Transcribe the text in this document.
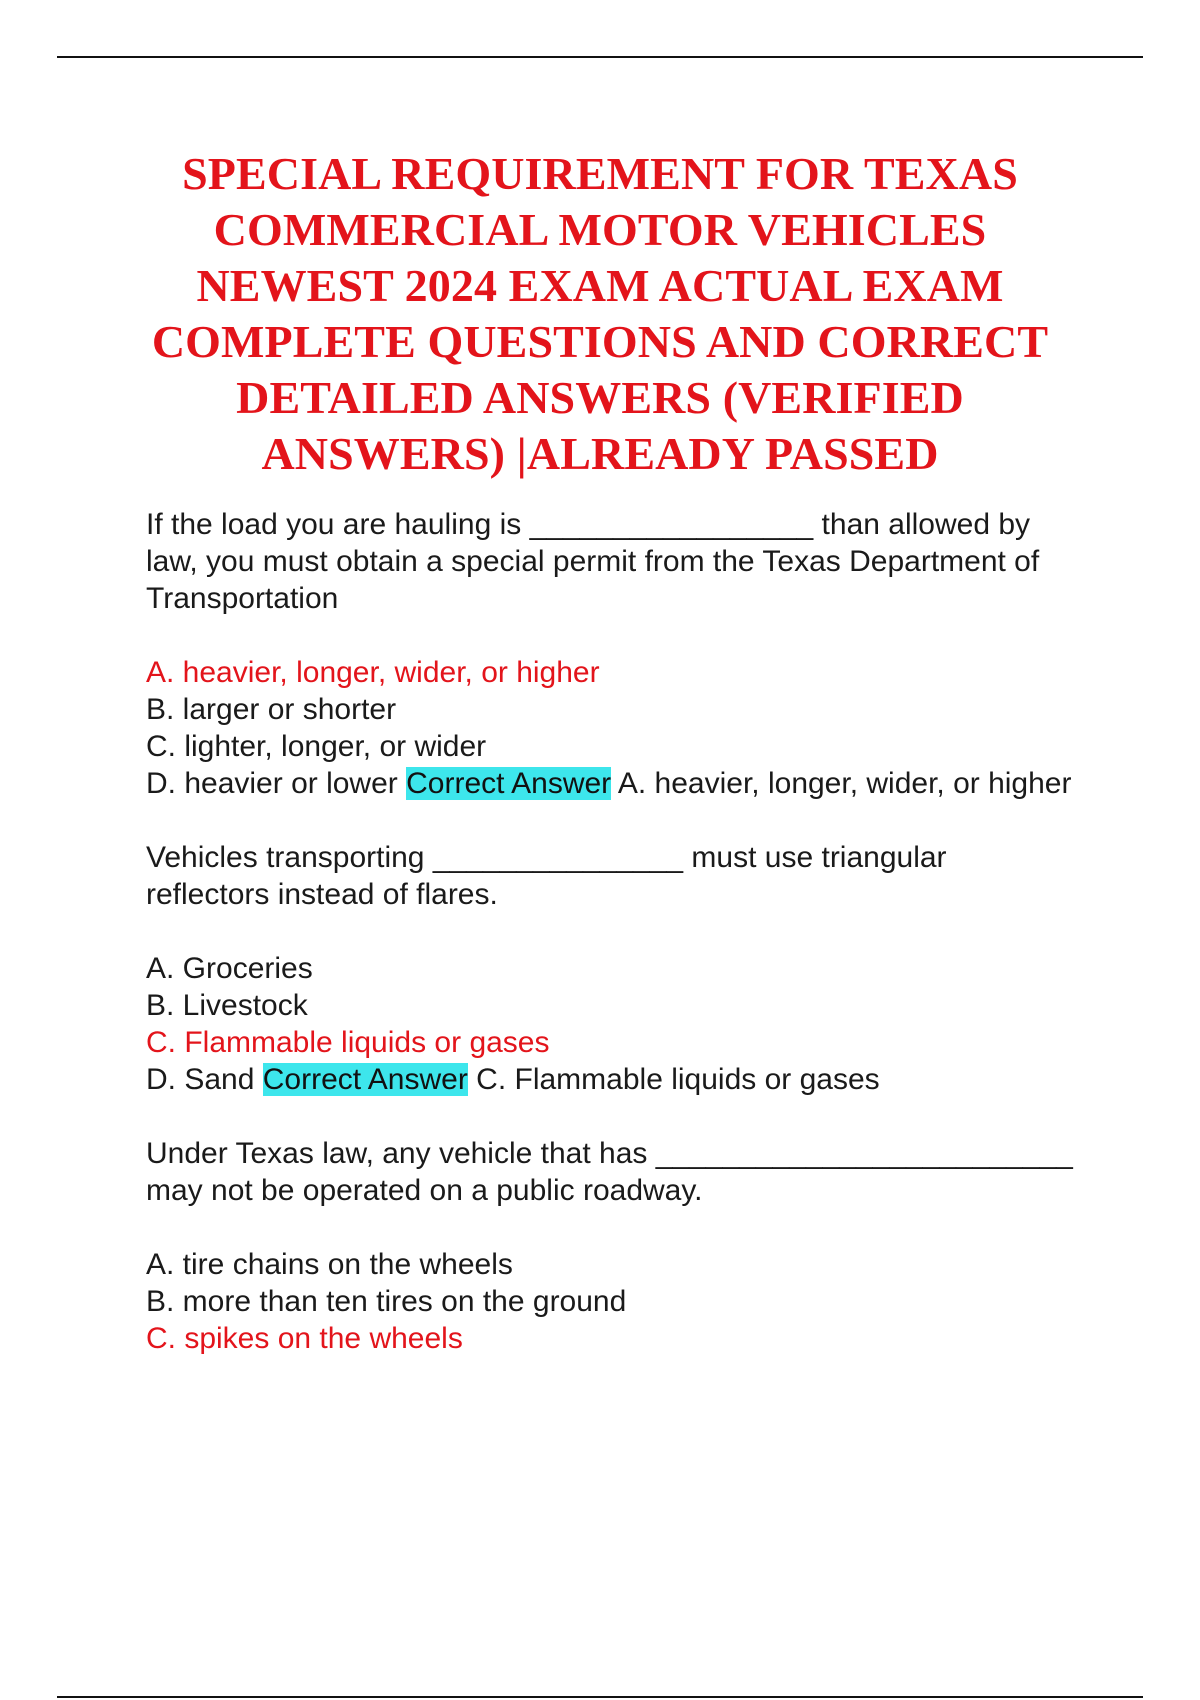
SPECIAL REQUIREMENT FOR TEXAS COMMERCIAL MOTOR VEHICLES NEWEST 2024 EXAM ACTUAL EXAM COMPLETE QUESTIONS AND CORRECT DETAILED ANSWERS (VERIFIED ANSWERS) |ALREADY PASSED

If the load you are hauling is _________________ than allowed by law, you must obtain a special permit from the Texas Department of Transportation

A. heavier, longer, wider, or higher

B. larger or shorter

C. lighter, longer, or wider

D. heavier or lower Correct Answer A. heavier, longer, wider, or higher

Vehicles transporting _______________ must use triangular reflectors instead of flares.

A. Groceries

B. Livestock

C. Flammable liquids or gases

D. Sand Correct Answer C. Flammable liquids or gases

Under Texas law, any vehicle that has _________________________ may not be operated on a public roadway.

A. tire chains on the wheels

B. more than ten tires on the ground

C. spikes on the wheels
